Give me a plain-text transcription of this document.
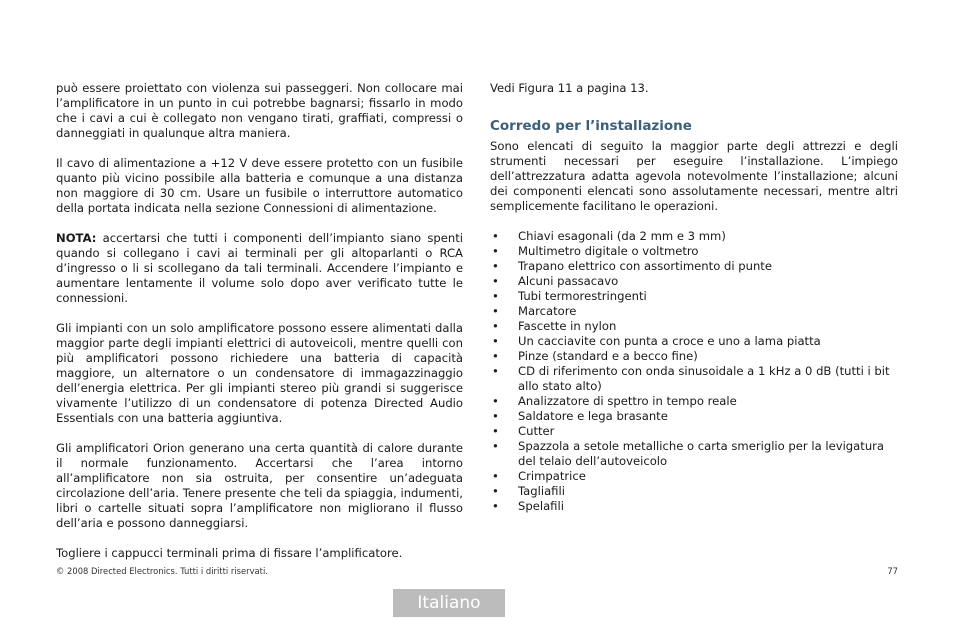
può essere proiettato con violenza sui passeggeri. Non collocare mai l’amplificatore in un punto in cui potrebbe bagnarsi; fissarlo in modo che i cavi a cui è collegato non vengano tirati, graffiati, compressi o danneggiati in qualunque altra maniera.

Il cavo di alimentazione a +12 V deve essere protetto con un fusibile quanto più vicino possibile alla batteria e comunque a una distanza non maggiore di 30 cm. Usare un fusibile o interruttore automatico della portata indicata nella sezione Connessioni di alimentazione.

NOTA: accertarsi che tutti i componenti dell’impianto siano spenti quando si collegano i cavi ai terminali per gli altoparlanti o RCA d’ingresso o li si scollegano da tali terminali. Accendere l’impianto e aumentare lentamente il volume solo dopo aver verificato tutte le connessioni.

Gli impianti con un solo amplificatore possono essere alimentati dalla maggior parte degli impianti elettrici di autoveicoli, mentre quelli con più amplificatori possono richiedere una batteria di capacità maggiore, un alternatore o un condensatore di immagazzinaggio dell’energia elettrica. Per gli impianti stereo più grandi si suggerisce vivamente l’utilizzo di un condensatore di potenza Directed Audio Essentials con una batteria aggiuntiva.

Gli amplificatori Orion generano una certa quantità di calore durante il normale funzionamento. Accertarsi che l’area intorno all’amplificatore non sia ostruita, per consentire un’adeguata circolazione dell’aria. Tenere presente che teli da spiaggia, indumenti, libri o cartelle situati sopra l’amplificatore non migliorano il flusso dell’aria e possono danneggiarsi.

Togliere i cappucci terminali prima di fissare l’amplificatore.

Vedi Figura 11 a pagina 13.

Corredo per l’installazione

Sono elencati di seguito la maggior parte degli attrezzi e degli strumenti necessari per eseguire l’installazione. L’impiego dell’attrezzatura adatta agevola notevolmente l’installazione; alcuni dei componenti elencati sono assolutamente necessari, mentre altri semplicemente facilitano le operazioni.

• Chiavi esagonali (da 2 mm e 3 mm)
• Multimetro digitale o voltmetro
• Trapano elettrico con assortimento di punte
• Alcuni passacavo
• Tubi termorestringenti
• Marcatore
• Fascette in nylon
• Un cacciavite con punta a croce e uno a lama piatta
• Pinze (standard e a becco fine)
• CD di riferimento con onda sinusoidale a 1 kHz a 0 dB (tutti i bit allo stato alto)
• Analizzatore di spettro in tempo reale
• Saldatore e lega brasante
• Cutter
• Spazzola a setole metalliche o carta smeriglio per la levigatura del telaio dell’autoveicolo
• Crimpatrice
• Tagliafili
• Spelafili
© 2008 Directed Electronics. Tutti i diritti riservati.	77
Italiano
